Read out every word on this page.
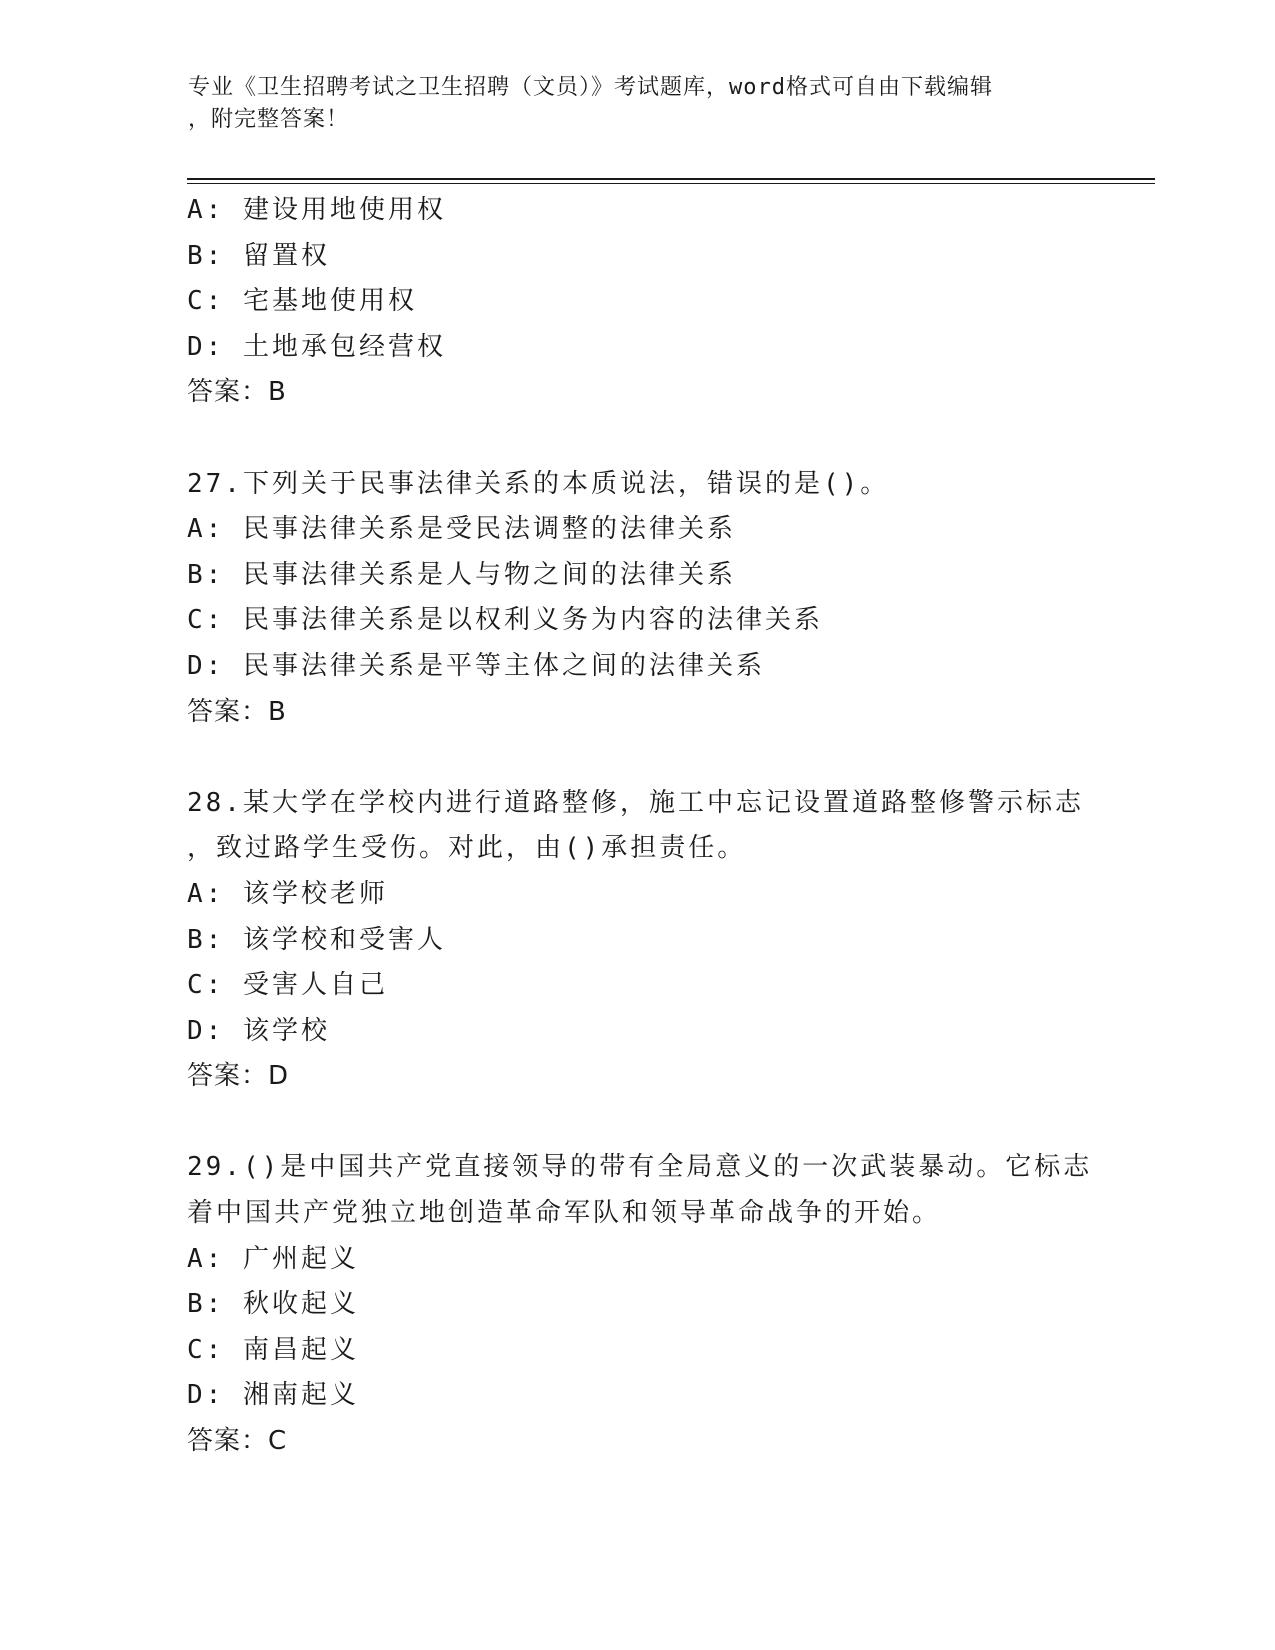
专业《卫生招聘考试之卫生招聘（文员）》考试题库，word格式可自由下载编辑
，附完整答案！
A: 建设用地使用权
B: 留置权
C: 宅基地使用权
D: 土地承包经营权
答案：B
27.下列关于民事法律关系的本质说法，错误的是()。
A: 民事法律关系是受民法调整的法律关系
B: 民事法律关系是人与物之间的法律关系
C: 民事法律关系是以权利义务为内容的法律关系
D: 民事法律关系是平等主体之间的法律关系
答案：B
28.某大学在学校内进行道路整修，施工中忘记设置道路整修警示标志
，致过路学生受伤。对此，由()承担责任。
A: 该学校老师
B: 该学校和受害人
C: 受害人自己
D: 该学校
答案：D
29.()是中国共产党直接领导的带有全局意义的一次武装暴动。它标志
着中国共产党独立地创造革命军队和领导革命战争的开始。
A: 广州起义
B: 秋收起义
C: 南昌起义
D: 湘南起义
答案：C
